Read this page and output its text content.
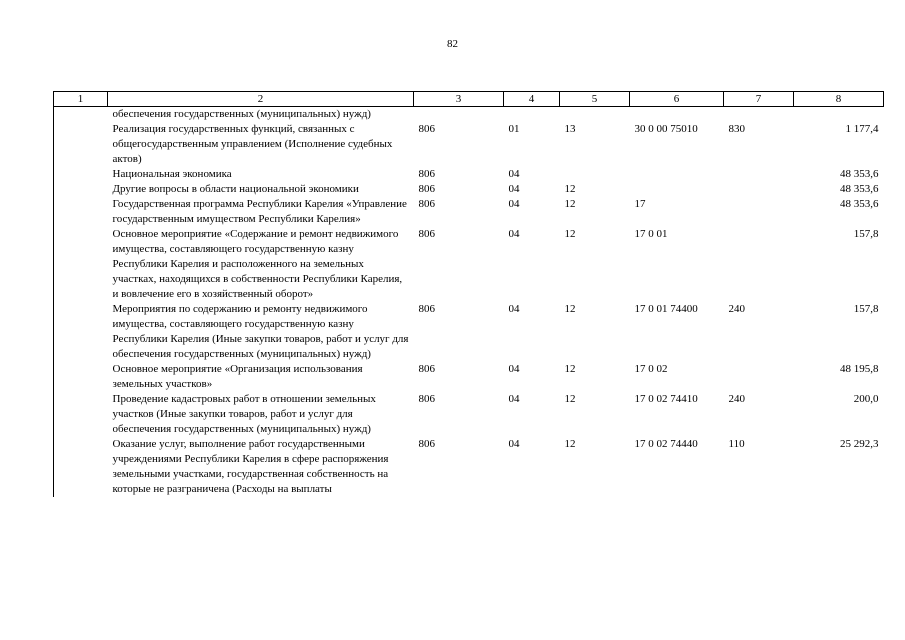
82
1	2	3	4	5	6	7	8
	обеспечения государственных (муниципальных) нужд)						
	Реализация государственных функций, связанных с общегосударственным управлением (Исполнение судебных актов)	806	01	13	30 0 00 75010	830	1 177,4
	Национальная экономика	806	04				48 353,6
	Другие вопросы в области национальной экономики	806	04	12			48 353,6
	Государственная программа Республики Карелия «Управление государственным имуществом Республики Карелия»	806	04	12	17		48 353,6
	Основное мероприятие «Содержание и ремонт недвижимого имущества, составляющего государственную казну Республики Карелия и расположенного на земельных участках, находящихся в собственности Республики Карелия, и вовлечение его в хозяйственный оборот»	806	04	12	17 0 01		157,8
	Мероприятия по содержанию и ремонту недвижимого имущества, составляющего государственную казну Республики Карелия (Иные закупки товаров, работ и услуг для обеспечения государственных (муниципальных) нужд)	806	04	12	17 0 01 74400	240	157,8
	Основное мероприятие «Организация использования земельных участков»	806	04	12	17 0 02		48 195,8
	Проведение кадастровых работ в отношении земельных участков (Иные закупки товаров, работ и услуг для обеспечения государственных (муниципальных) нужд)	806	04	12	17 0 02 74410	240	200,0
	Оказание услуг, выполнение работ государственными учреждениями Республики Карелия в сфере распоряжения земельными участками, государственная собственность на которые не разграничена (Расходы на выплаты	806	04	12	17 0 02 74440	110	25 292,3
